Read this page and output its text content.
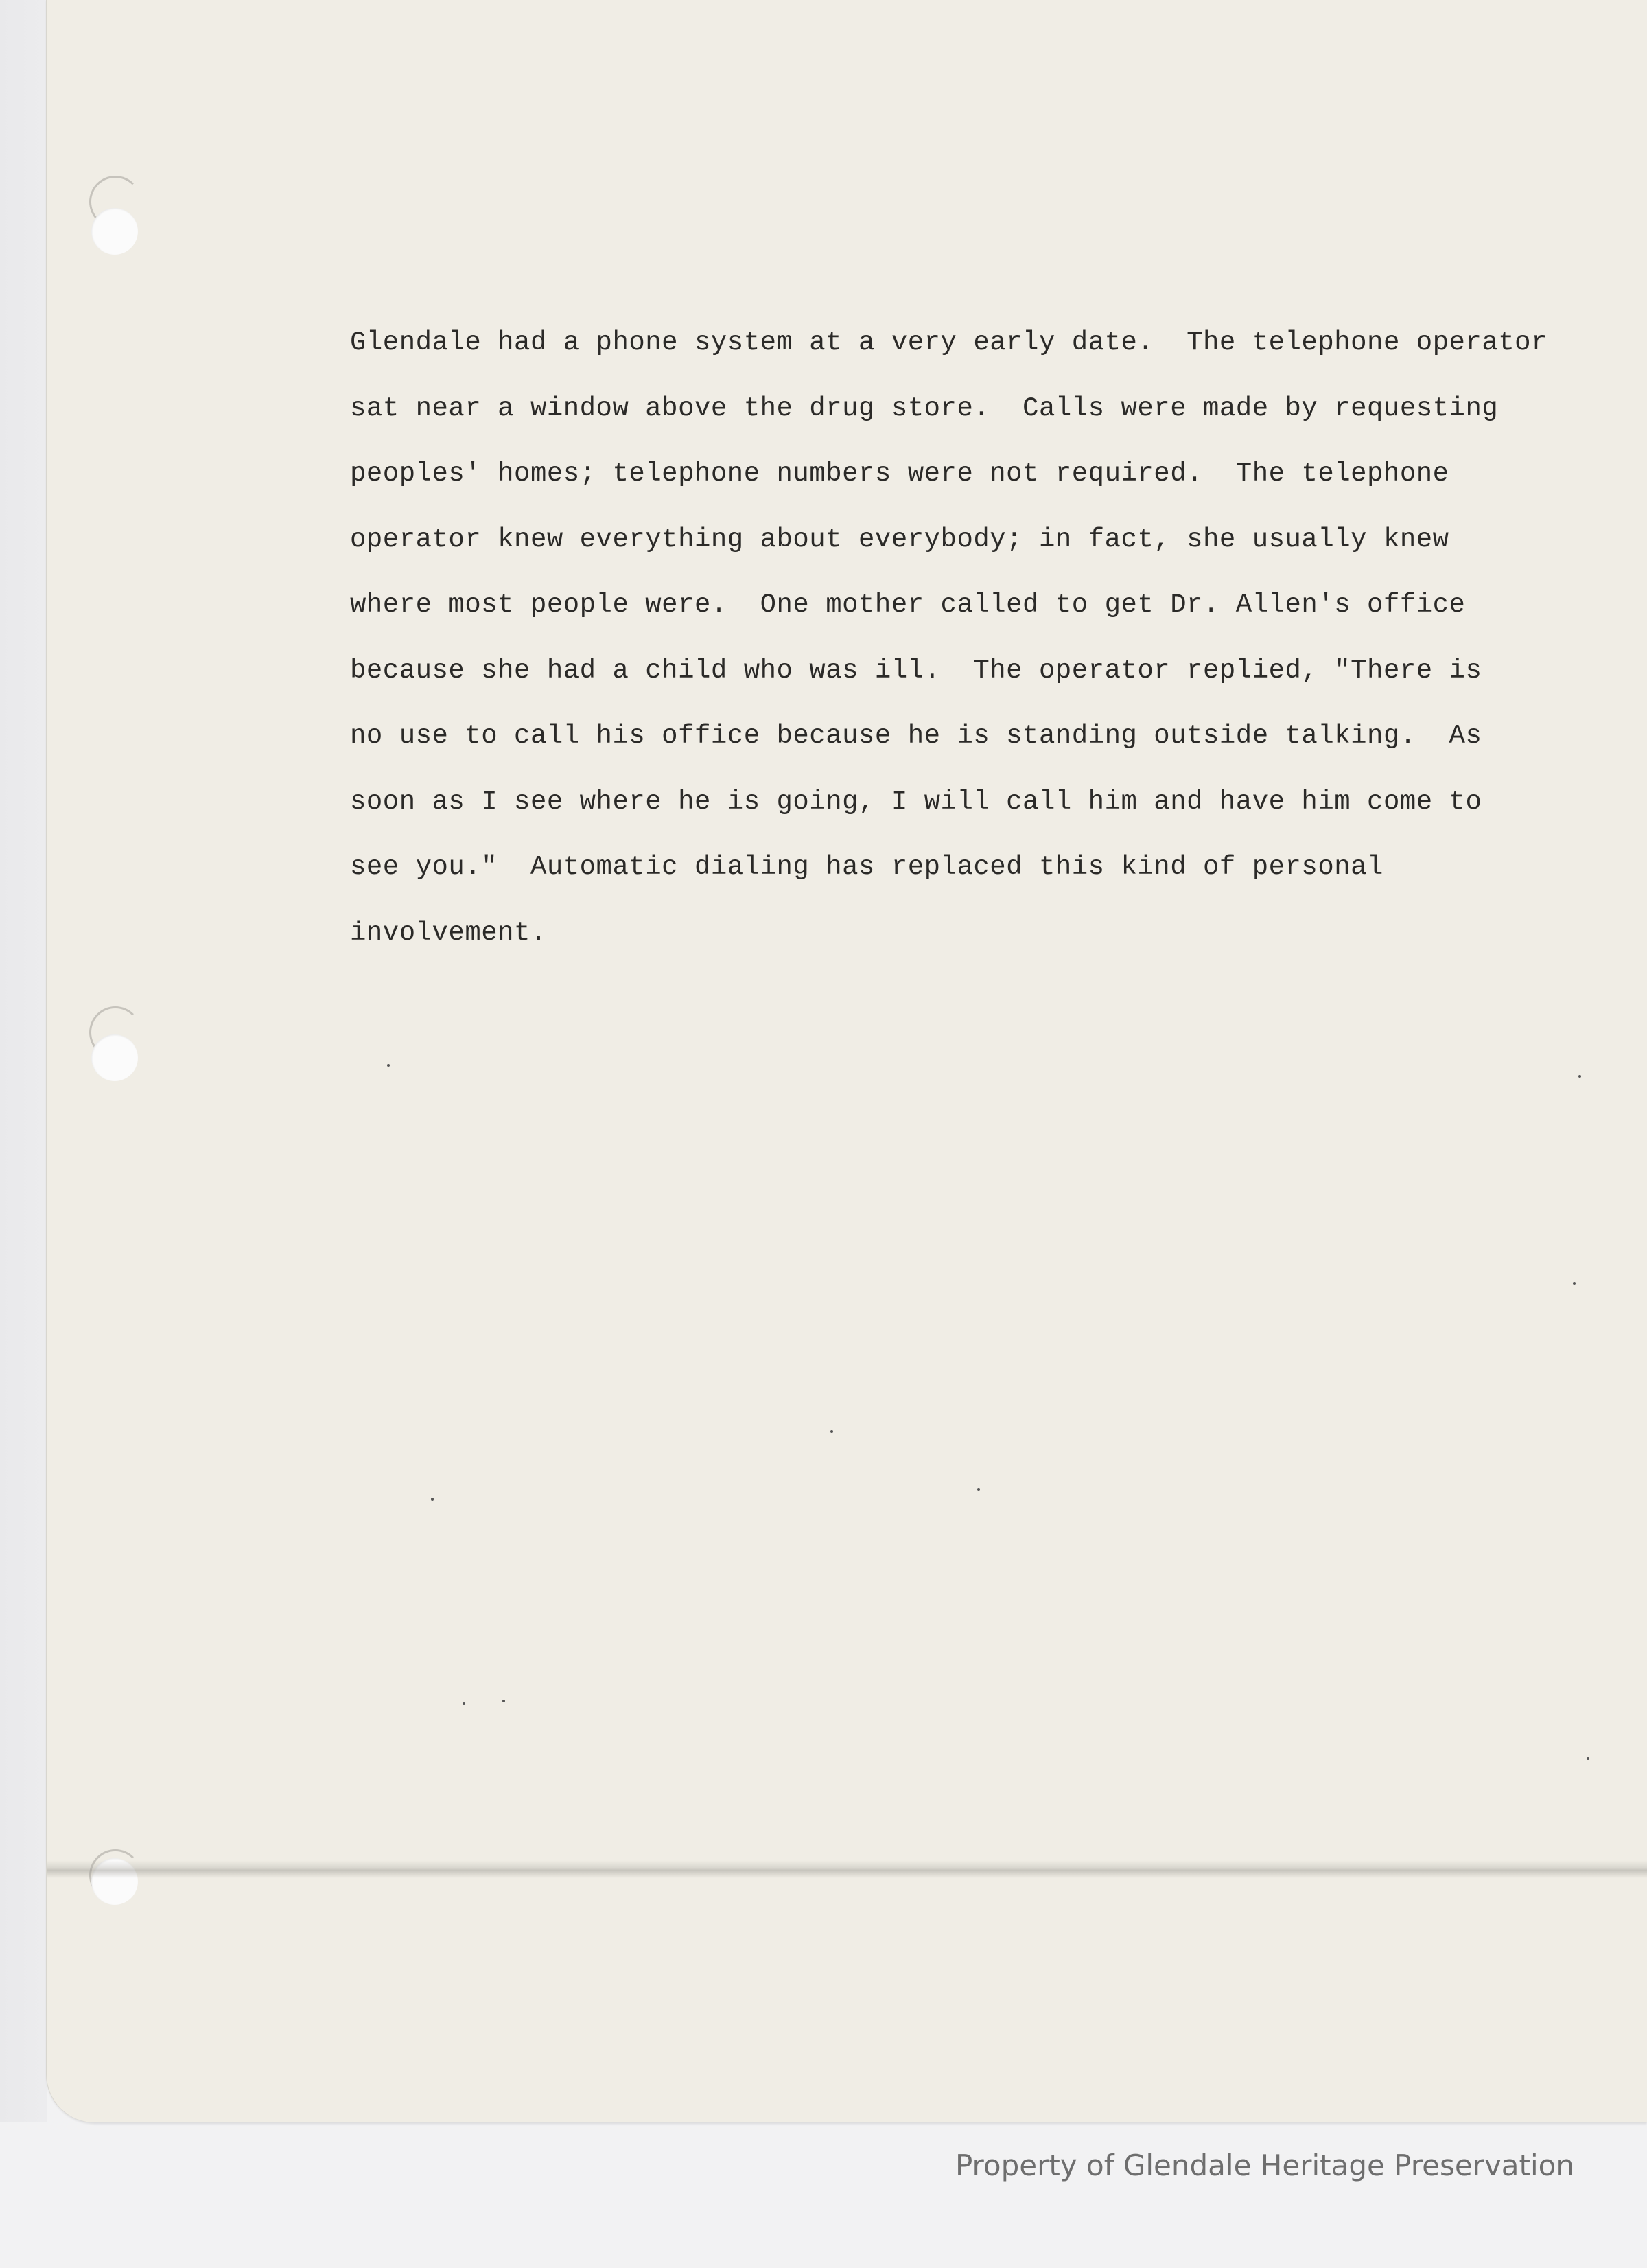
Glendale had a phone system at a very early date.  The telephone operator
sat near a window above the drug store.  Calls were made by requesting
peoples' homes; telephone numbers were not required.  The telephone
operator knew everything about everybody; in fact, she usually knew
where most people were.  One mother called to get Dr. Allen's office
because she had a child who was ill.  The operator replied, "There is
no use to call his office because he is standing outside talking.  As
soon as I see where he is going, I will call him and have him come to
see you."  Automatic dialing has replaced this kind of personal
involvement.
Property of Glendale Heritage Preservation
